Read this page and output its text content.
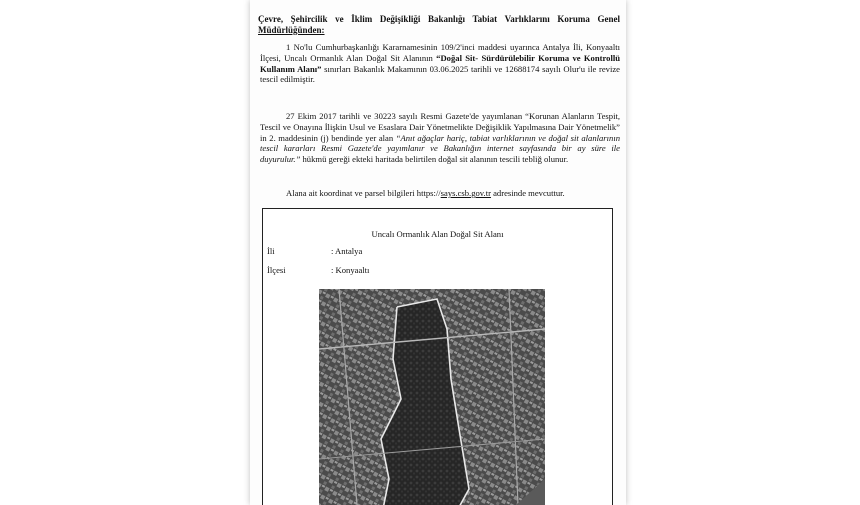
Çevre, Şehircilik ve İklim Değişikliği Bakanlığı Tabiat Varlıklarını Koruma Genel
Müdürlüğünden:
1 No'lu Cumhurbaşkanlığı Kararnamesinin 109/2'inci maddesi uyarınca Antalya İli, Konyaaltı İlçesi, Uncalı Ormanlık Alan Doğal Sit Alanının “Doğal Sit- Sürdürülebilir Koruma ve Kontrollü Kullanım Alanı” sınırları Bakanlık Makamının 03.06.2025 tarihli ve 12688174 sayılı Olur'u ile revize tescil edilmiştir.
27 Ekim 2017 tarihli ve 30223 sayılı Resmi Gazete'de yayımlanan “Korunan Alanların Tespit, Tescil ve Onayına İlişkin Usul ve Esaslara Dair Yönetmelikte Değişiklik Yapılmasına Dair Yönetmelik” in 2. maddesinin (j) bendinde yer alan “Anıt ağaçlar hariç, tabiat varlıklarının ve doğal sit alanlarının tescil kararları Resmi Gazete'de yayımlanır ve Bakanlığın internet sayfasında bir ay süre ile duyurulur.” hükmü gereği ekteki haritada belirtilen doğal sit alanının tescili tebliğ olunur.
Alana ait koordinat ve parsel bilgileri https://says.csb.gov.tr adresinde mevcuttur.
Uncalı Ormanlık Alan Doğal Sit Alanı
İli	: Antalya
İlçesi	: Konyaaltı
